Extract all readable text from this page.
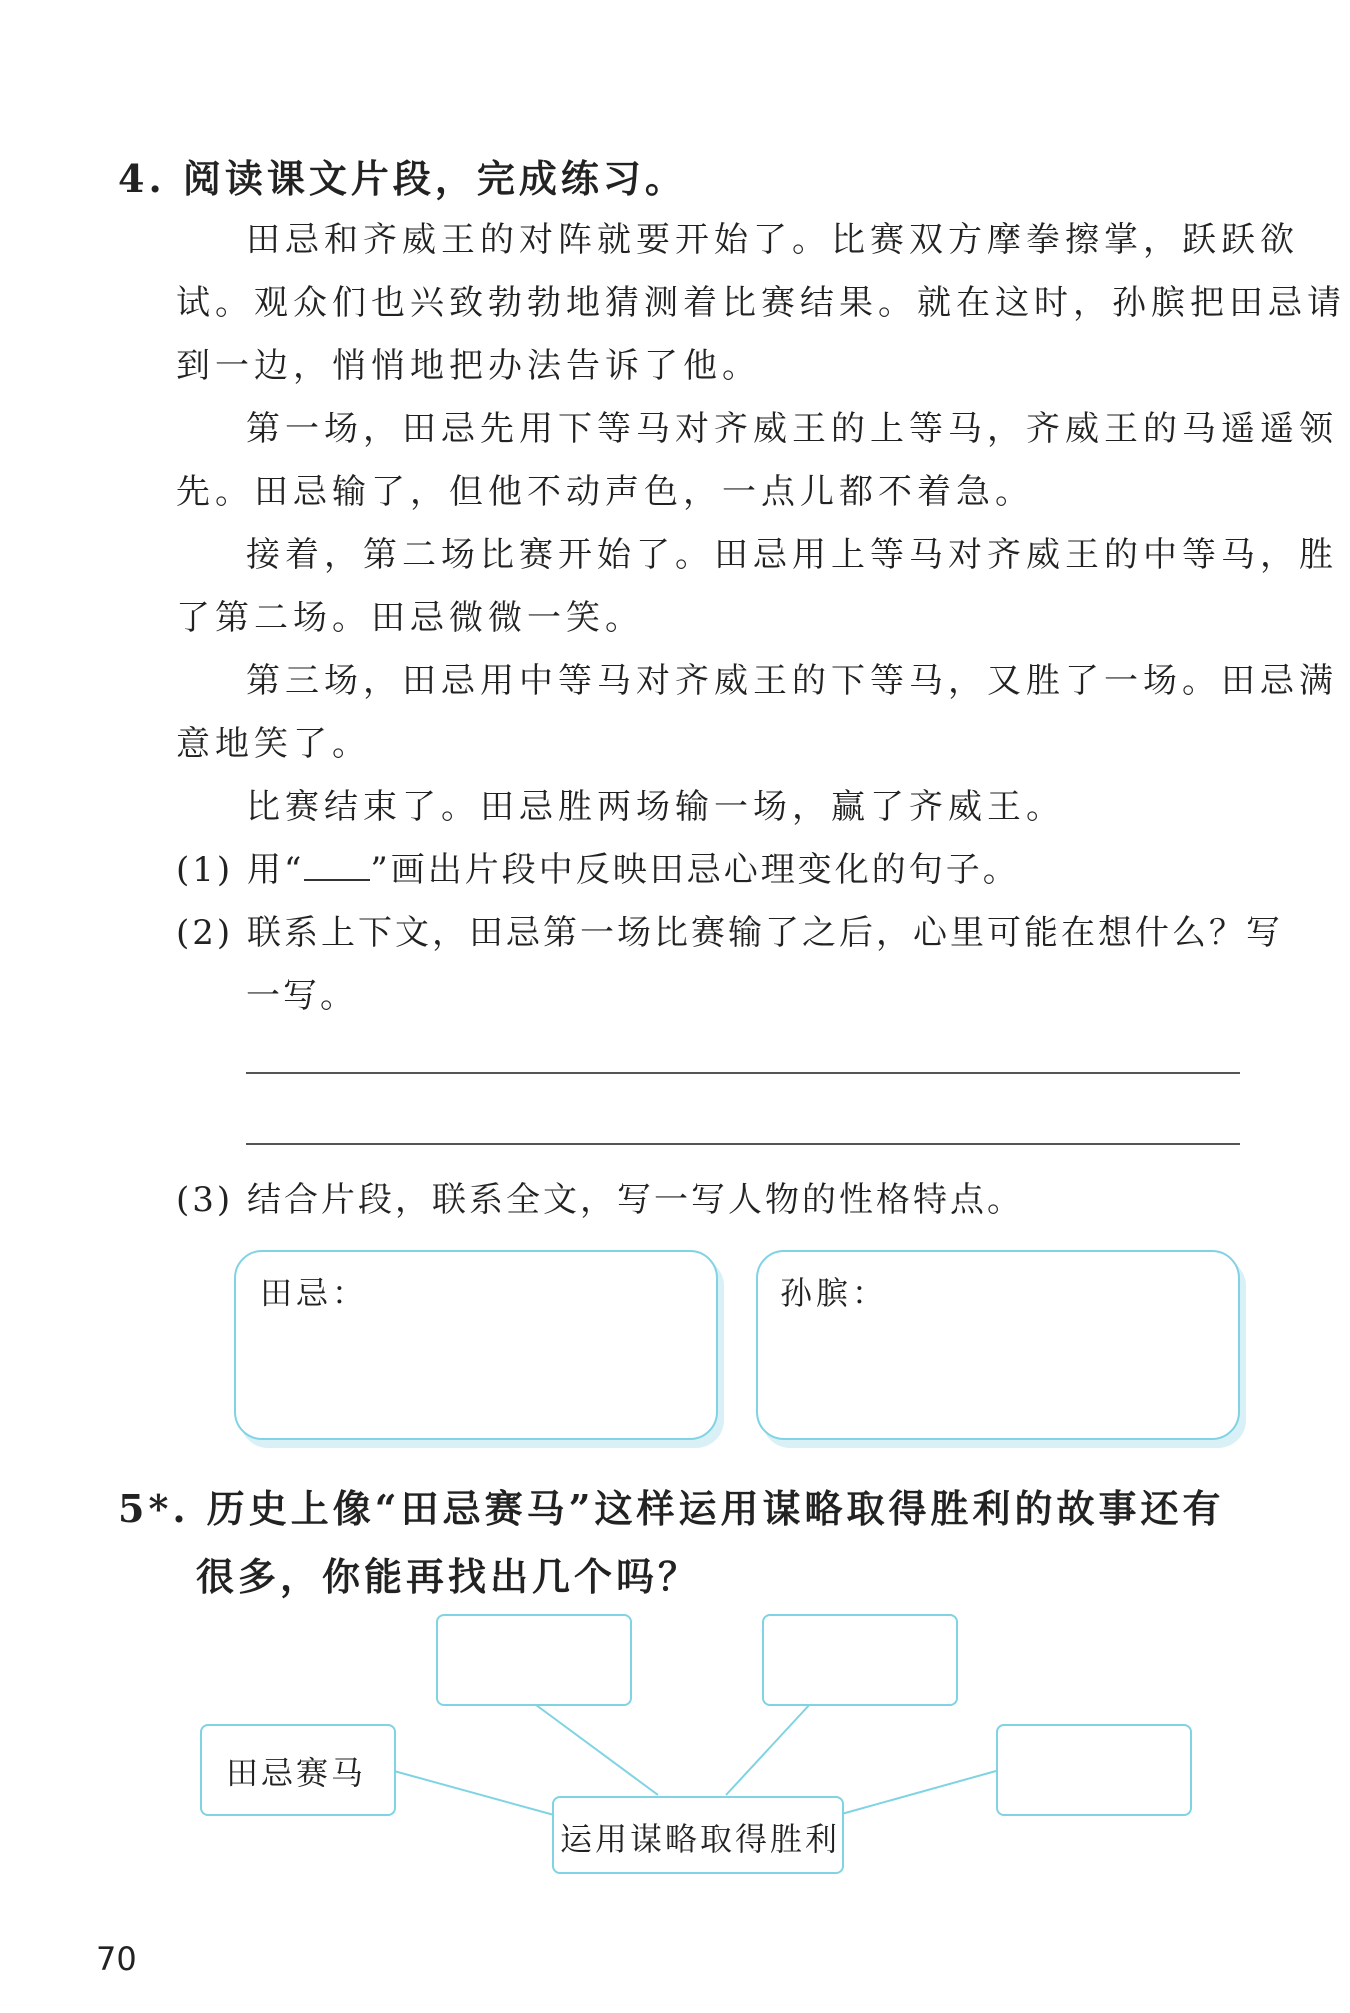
4. 阅读课文片段，完成练习。
田忌和齐威王的对阵就要开始了。比赛双方摩拳擦掌，跃跃欲
试。观众们也兴致勃勃地猜测着比赛结果。就在这时，孙膑把田忌请
到一边，悄悄地把办法告诉了他。
第一场，田忌先用下等马对齐威王的上等马，齐威王的马遥遥领
先。田忌输了，但他不动声色，一点儿都不着急。
接着，第二场比赛开始了。田忌用上等马对齐威王的中等马，胜
了第二场。田忌微微一笑。
第三场，田忌用中等马对齐威王的下等马，又胜了一场。田忌满
意地笑了。
比赛结束了。田忌胜两场输一场，赢了齐威王。
(1) 用“ ”画出片段中反映田忌心理变化的句子。
(2) 联系上下文，田忌第一场比赛输了之后，心里可能在想什么？写
一写。
(3) 结合片段，联系全文，写一写人物的性格特点。
田忌：	孙膑：
5*. 历史上像“田忌赛马”这样运用谋略取得胜利的故事还有
很多，你能再找出几个吗？
田忌赛马
运用谋略取得胜利
70
